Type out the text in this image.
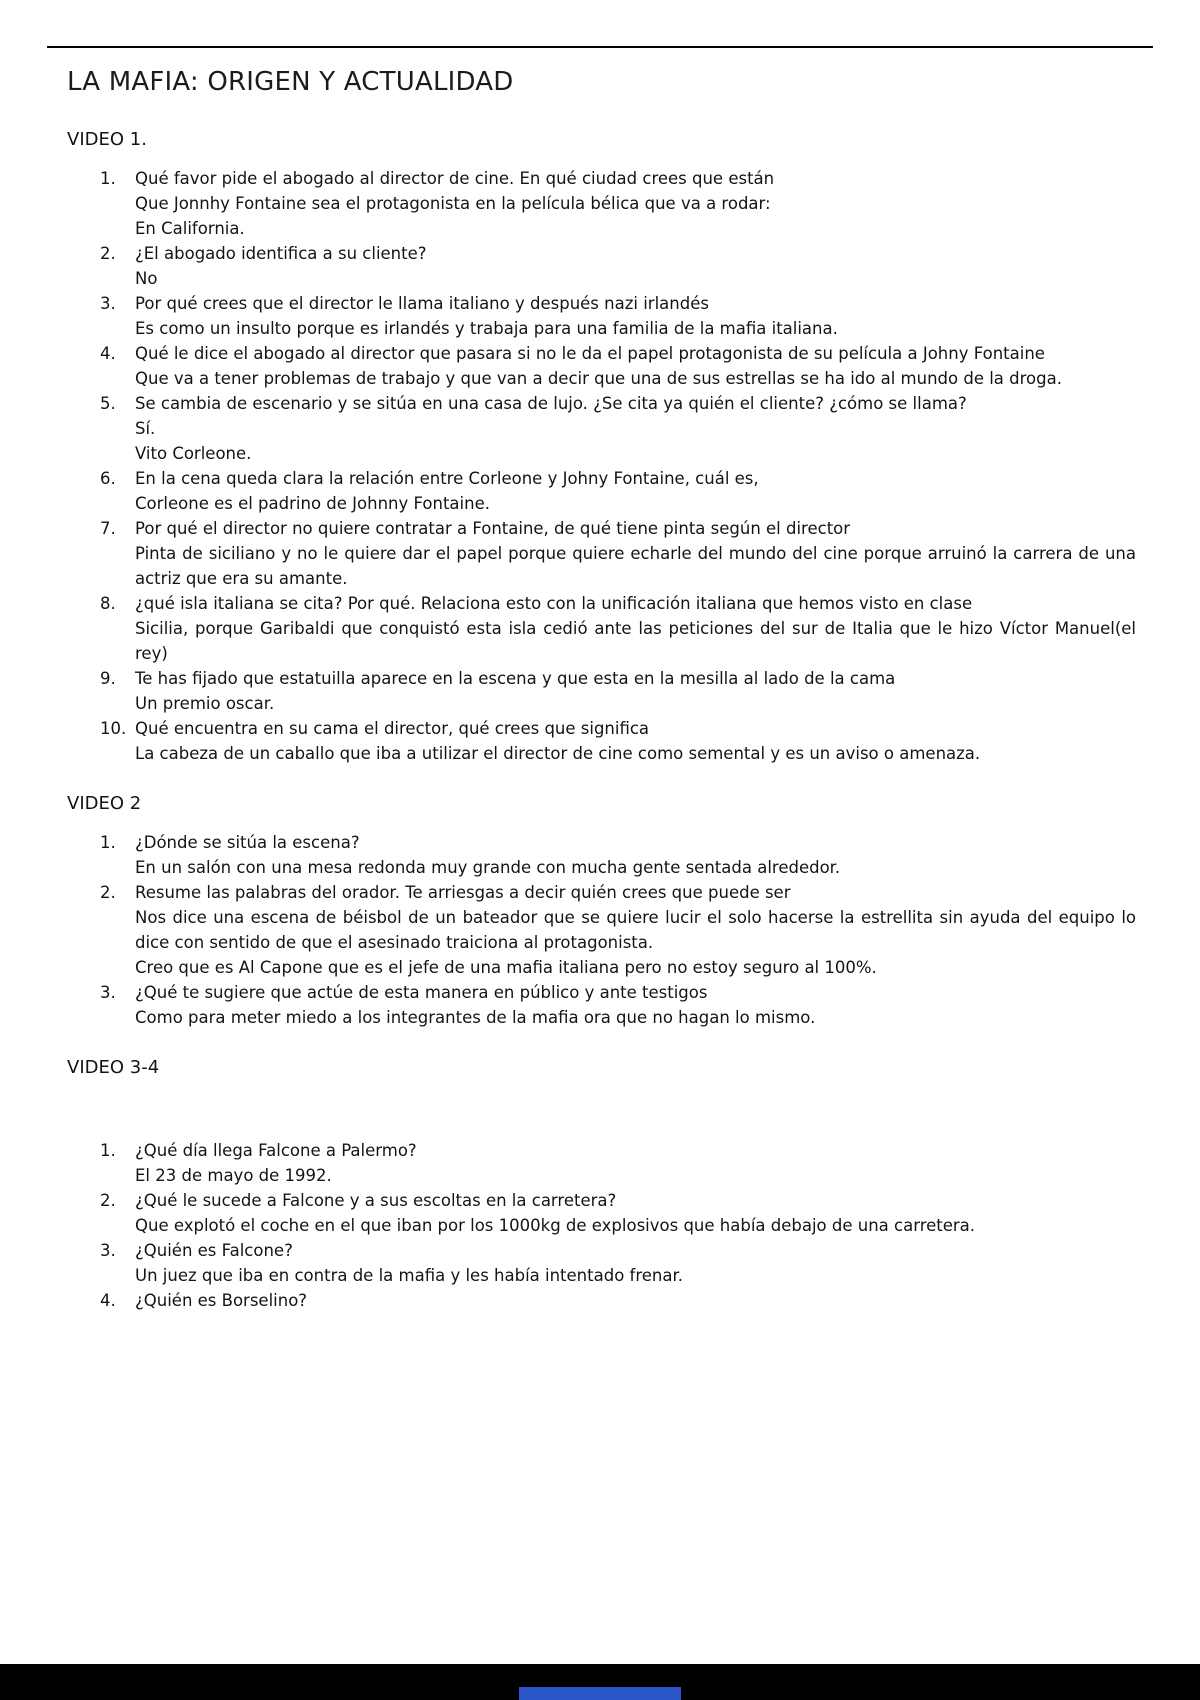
LA MAFIA: ORIGEN Y ACTUALIDAD
VIDEO 1.
1.	Qué favor pide el abogado al director de cine. En qué ciudad crees que están
Que Jonnhy Fontaine sea el protagonista en la película bélica que va a rodar:
En California.
2.	¿El abogado identifica a su cliente?
No
3.	Por qué crees que el director le llama italiano y después nazi irlandés
Es como un insulto porque es irlandés y trabaja para una familia de la mafia italiana.
4.	Qué le dice el abogado al director que pasara si no le da el papel protagonista de su película a Johny Fontaine
Que va a tener problemas de trabajo y que van a decir que una de sus estrellas se ha ido al mundo de la droga.
5.	Se cambia de escenario y se sitúa en una casa de lujo. ¿Se cita ya quién el cliente? ¿cómo se llama?
Sí.
Vito Corleone.
6.	En la cena queda clara la relación entre Corleone y Johny Fontaine, cuál es,
Corleone es el padrino de Johnny Fontaine.
7.	Por qué el director no quiere contratar a Fontaine, de qué tiene pinta según el director
Pinta de siciliano y no le quiere dar el papel porque quiere echarle del mundo del cine porque arruinó la carrera de una actriz que era su amante.
8.	¿qué isla italiana se cita? Por qué. Relaciona esto con la unificación italiana que hemos visto en clase
Sicilia, porque Garibaldi que conquistó esta isla cedió ante las peticiones del sur de Italia que le hizo Víctor Manuel(el rey)
9.	Te has fijado que estatuilla aparece en la escena y que esta en la mesilla al lado de la cama
Un premio oscar.
10. Qué encuentra en su cama el director, qué crees que significa
La cabeza de un caballo que iba a utilizar el director de cine como semental y es un aviso o amenaza.
VIDEO 2
1.	¿Dónde se sitúa la escena?
En un salón con una mesa redonda muy grande con mucha gente sentada alrededor.
2.	Resume las palabras del orador. Te arriesgas a decir quién crees que puede ser
Nos dice una escena de béisbol de un bateador que se quiere lucir el solo hacerse la estrellita sin ayuda del equipo lo dice con sentido de que el asesinado traiciona al protagonista.
Creo que es Al Capone que es el jefe de una mafia italiana pero no estoy seguro al 100%.
3.	¿Qué te sugiere que actúe de esta manera en público y ante testigos
Como para meter miedo a los integrantes de la mafia ora que no hagan lo mismo.
VIDEO 3-4
1.	¿Qué día llega Falcone a Palermo?
El 23 de mayo de 1992.
2.	¿Qué le sucede a Falcone y a sus escoltas en la carretera?
Que explotó el coche en el que iban por los 1000kg de explosivos que había debajo de una carretera.
3.	¿Quién es Falcone?
Un juez que iba en contra de la mafia y les había intentado frenar.
4.	¿Quién es Borselino?
